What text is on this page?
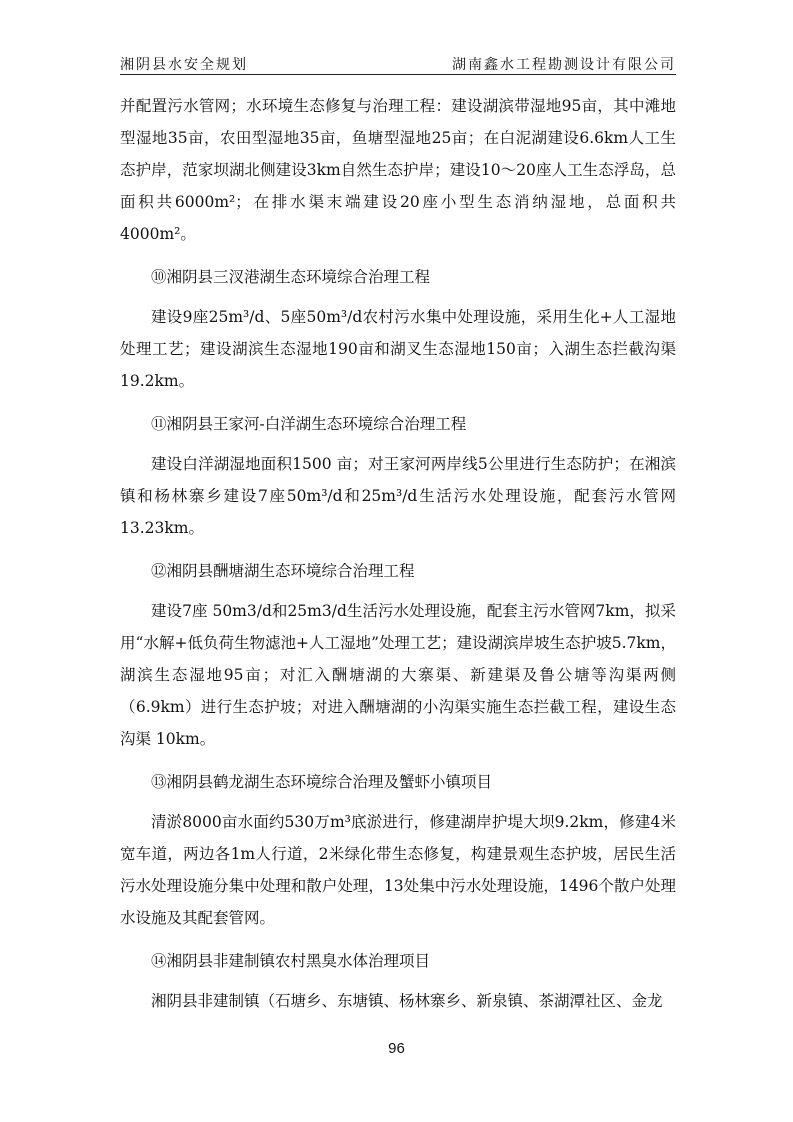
湘阴县水安全规划	湖南鑫水工程勘测设计有限公司

并配置污水管网；水环境生态修复与治理工程：建设湖滨带湿地95亩，其中滩地型湿地35亩，农田型湿地35亩，鱼塘型湿地25亩；在白泥湖建设6.6km人工生态护岸，范家坝湖北侧建设3km自然生态护岸；建设10～20座人工生态浮岛，总面积共6000m²；在排水渠末端建设20座小型生态消纳湿地，总面积共4000m²。

⑩湘阴县三汊港湖生态环境综合治理工程

建设9座25m³/d、5座50m³/d农村污水集中处理设施，采用生化+人工湿地处理工艺；建设湖滨生态湿地190亩和湖叉生态湿地150亩；入湖生态拦截沟渠19.2km。

⑪湘阴县王家河-白洋湖生态环境综合治理工程

建设白洋湖湿地面积1500 亩；对王家河两岸线5公里进行生态防护；在湘滨镇和杨林寨乡建设7座50m³/d和25m³/d生活污水处理设施，配套污水管网13.23km。

⑫湘阴县酬塘湖生态环境综合治理工程

建设7座 50m3/d和25m3/d生活污水处理设施，配套主污水管网7km，拟采用“水解+低负荷生物滤池+人工湿地”处理工艺；建设湖滨岸坡生态护坡5.7km，湖滨生态湿地95亩；对汇入酬塘湖的大寨渠、新建渠及鲁公塘等沟渠两侧（6.9km）进行生态护坡；对进入酬塘湖的小沟渠实施生态拦截工程，建设生态沟渠 10km。

⑬湘阴县鹤龙湖生态环境综合治理及蟹虾小镇项目

清淤8000亩水面约530万m³底淤进行，修建湖岸护堤大坝9.2km，修建4米宽车道，两边各1m人行道，2米绿化带生态修复，构建景观生态护坡，居民生活污水处理设施分集中处理和散户处理，13处集中污水处理设施，1496个散户处理水设施及其配套管网。

⑭湘阴县非建制镇农村黑臭水体治理项目

湘阴县非建制镇（石塘乡、东塘镇、杨林寨乡、新泉镇、茶湖潭社区、金龙

96
